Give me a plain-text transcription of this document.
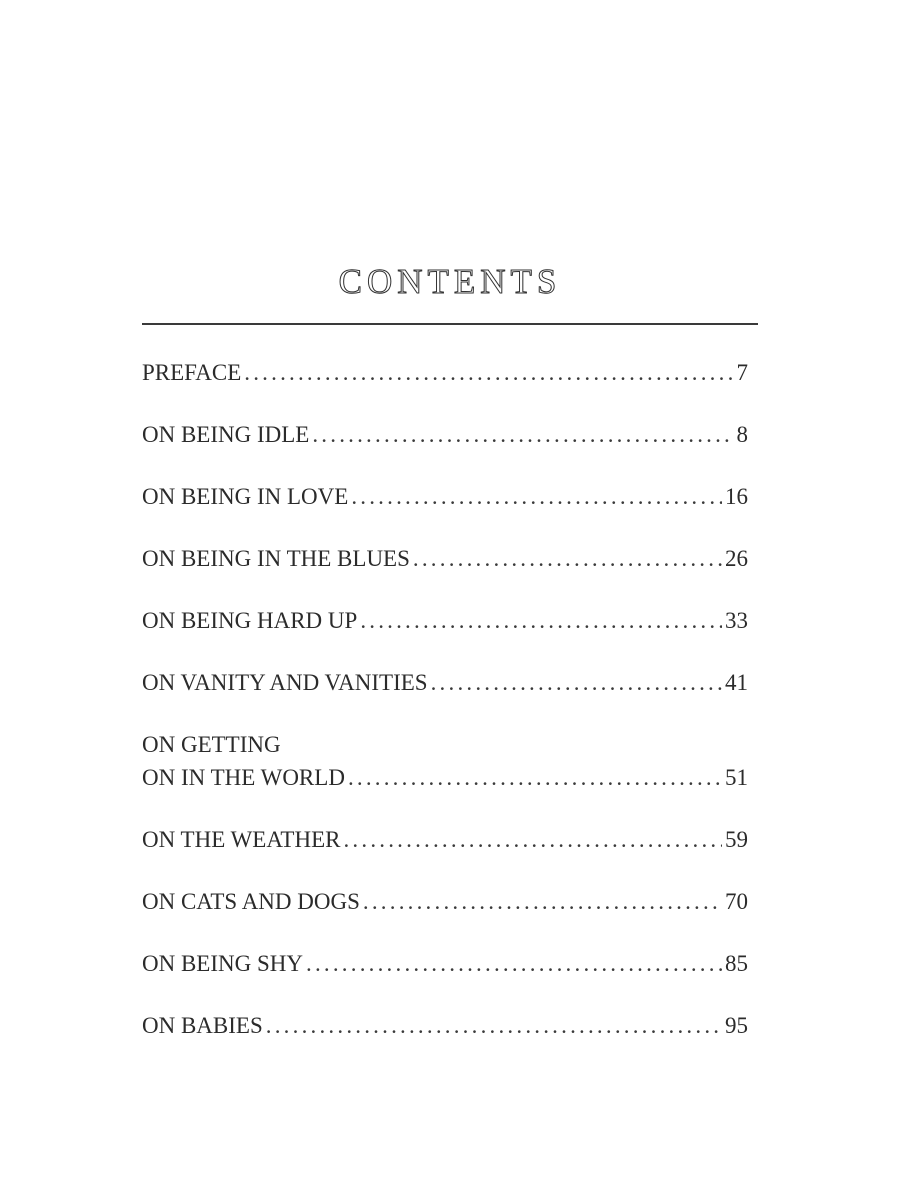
CONTENTS
PREFACE .....	7
ON BEING IDLE .....	8
ON BEING IN LOVE .....	16
ON BEING IN THE BLUES .....	26
ON BEING HARD UP .....	33
ON VANITY AND VANITIES .....	41
ON GETTING
ON IN THE WORLD .....	51
ON THE WEATHER .....	59
ON CATS AND DOGS .....	70
ON BEING SHY .....	85
ON BABIES .....	95
